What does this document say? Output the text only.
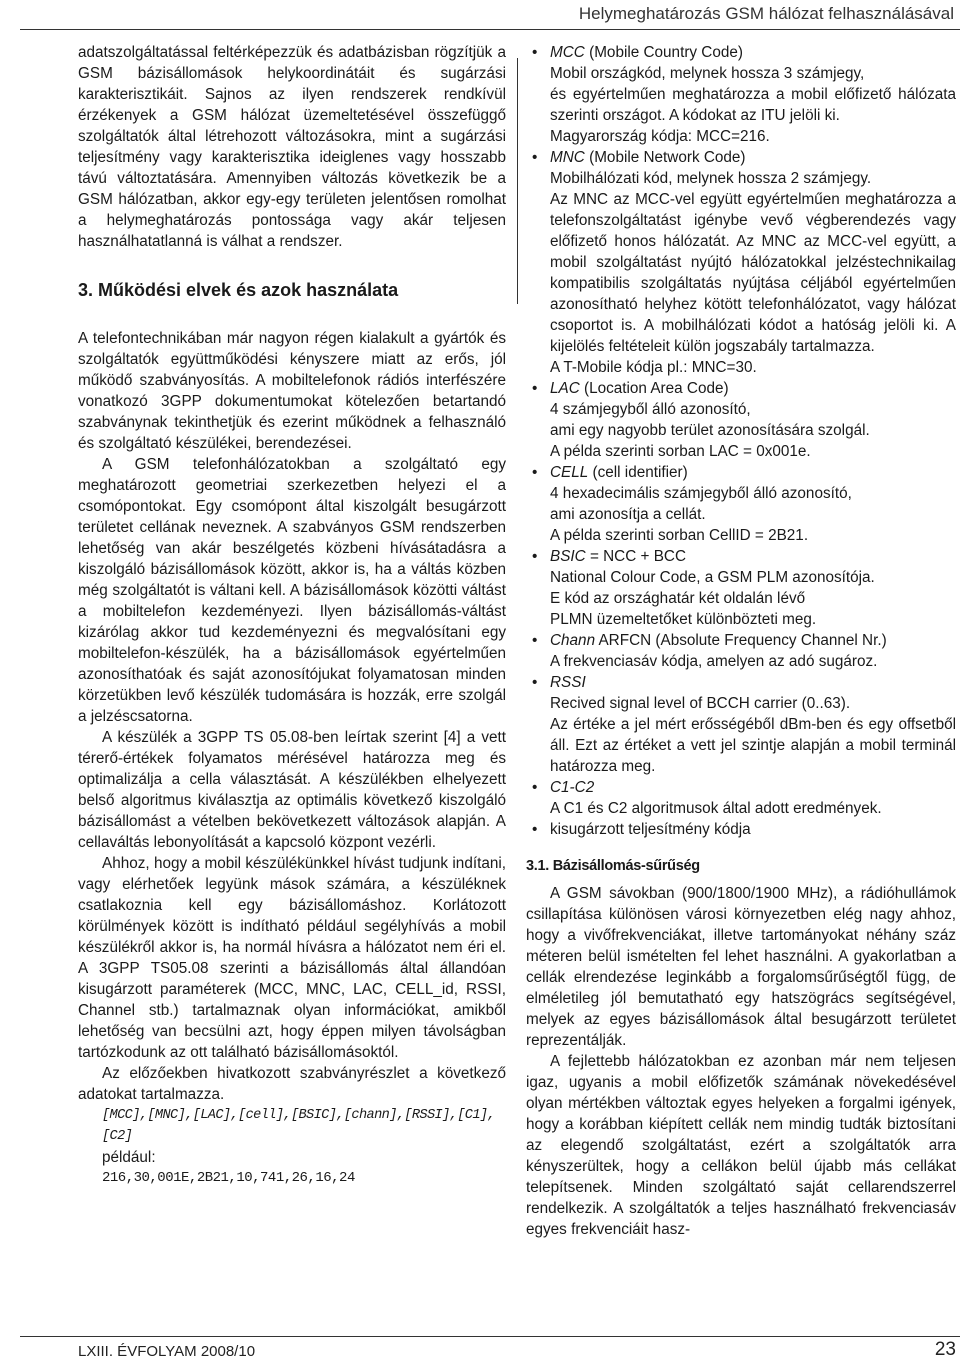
Helymeghatározás GSM hálózat felhasználásával

adatszolgáltatással feltérképezzük és adatbázisban rögzítjük a GSM bázisállomások helykoordinátáit és sugárzási karakterisztikáit. Sajnos az ilyen rendszerek rendkívül érzékenyek a GSM hálózat üzemeltetésével összefüggő szolgáltatók által létrehozott változásokra, mint a sugárzási teljesítmény vagy karakterisztika ideiglenes vagy hosszabb távú változtatására. Amennyiben változás következik be a GSM hálózatban, akkor egy-egy területen jelentősen romolhat a helymeghatározás pontossága vagy akár teljesen használhatatlanná is válhat a rendszer.

3. Működési elvek és azok használata

A telefontechnikában már nagyon régen kialakult a gyártók és szolgáltatók együttműködési kényszere miatt az erős, jól működő szabványosítás. A mobiltelefonok rádiós interfészére vonatkozó 3GPP dokumentumokat kötelezően betartandó szabványnak tekinthetjük és ezerint működnek a felhasználó és szolgáltató készülékei, berendezései.

A GSM telefonhálózatokban a szolgáltató egy meghatározott geometriai szerkezetben helyezi el a csomópontokat. Egy csomópont által kiszolgált besugárzott területet cellának neveznek. A szabványos GSM rendszerben lehetőség van akár beszélgetés közbeni hívásátadásra a kiszolgáló bázisállomások között, akkor is, ha a váltás közben még szolgáltatót is váltani kell. A bázisállomások közötti váltást a mobiltelefon kezdeményezi. Ilyen bázisállomás-váltást kizárólag akkor tud kezdeményezni és megvalósítani egy mobiltelefon-készülék, ha a bázisállomások egyértelműen azonosíthatóak és saját azonosítójukat folyamatosan minden körzetükben levő készülék tudomására is hozzák, erre szolgál a jelzéscsatorna.

A készülék a 3GPP TS 05.08-ben leírtak szerint [4] a vett térerő-értékek folyamatos mérésével határozza meg és optimalizálja a cella választását. A készülékben elhelyezett belső algoritmus kiválasztja az optimális következő kiszolgáló bázisállomást a vételben bekövetkezett változások alapján. A cellaváltás lebonyolítását a kapcsoló központ vezérli.

Ahhoz, hogy a mobil készülékünkkel hívást tudjunk indítani, vagy elérhetőek legyünk mások számára, a készüléknek csatlakoznia kell egy bázisállomáshoz. Korlátozott körülmények között is indítható például segélyhívás a mobil készülékről akkor is, ha normál hívásra a hálózatot nem éri el. A 3GPP TS05.08 szerinti a bázisállomás által állandóan kisugárzott paraméterek (MCC, MNC, LAC, CELL_id, RSSI, Channel stb.) tartalmaznak olyan információkat, amikből lehetőség van becsülni azt, hogy éppen milyen távolságban tartózkodunk az ott található bázisállomásoktól.

Az előzőekben hivatkozott szabványrészlet a következő adatokat tartalmazza.

[MCC],[MNC],[LAC],[cell],[BSIC],[chann],[RSSI],[C1],[C2]
például:
216,30,001E,2B21,10,741,26,16,24
• MCC (Mobile Country Code)
Mobil országkód, melynek hossza 3 számjegy,
és egyértelműen meghatározza a mobil előfizető hálózata szerinti országot. A kódokat az ITU jelöli ki.
Magyarország kódja: MCC=216.
• MNC (Mobile Network Code)
Mobilhálózati kód, melynek hossza 2 számjegy.
Az MNC az MCC-vel együtt egyértelműen meghatározza a telefonszolgáltatást igénybe vevő végberendezés vagy előfizető honos hálózatát. Az MNC az MCC-vel együtt, a mobil szolgáltatást nyújtó hálózatokkal jelzéstechnikailag kompatibilis szolgáltatás nyújtása céljából egyértelműen azonosítható helyhez kötött telefonhálózatot, vagy hálózat csoportot is. A mobilhálózati kódot a hatóság jelöli ki. A kijelölés feltételeit külön jogszabály tartalmazza.
A T-Mobile kódja pl.: MNC=30.
• LAC (Location Area Code)
4 számjegyből álló azonosító,
ami egy nagyobb terület azonosítására szolgál.
A példa szerinti sorban LAC = 0x001e.
• CELL (cell identifier)
4 hexadecimális számjegyből álló azonosító,
ami azonosítja a cellát.
A példa szerinti sorban CellID = 2B21.
• BSIC = NCC + BCC
National Colour Code, a GSM PLM azonosítója.
E kód az országhatár két oldalán lévő
PLMN üzemeltetőket különbözteti meg.
• Chann ARFCN (Absolute Frequency Channel Nr.)
A frekvenciasáv kódja, amelyen az adó sugároz.
• RSSI
Recived signal level of BCCH carrier (0..63).
Az értéke a jel mért erősségéből dBm-ben és egy offsetből áll. Ezt az értéket a vett jel szintje alapján a mobil terminál határozza meg.
• C1-C2
A C1 és C2 algoritmusok által adott eredmények.
• kisugárzott teljesítmény kódja
3.1. Bázisállomás-sűrűség

A GSM sávokban (900/1800/1900 MHz), a rádióhullámok csillapítása különösen városi környezetben elég nagy ahhoz, hogy a vivőfrekvenciákat, illetve tartományokat néhány száz méteren belül ismételten fel lehet használni. A gyakorlatban a cellák elrendezése leginkább a forgalomsűrűségtől függ, de elméletileg jól bemutatható egy hatszögrács segítségével, melyek az egyes bázisállomások által besugárzott területet reprezentálják.

A fejlettebb hálózatokban ez azonban már nem teljesen igaz, ugyanis a mobil előfizetők számának növekedésével olyan mértékben változtak egyes helyeken a forgalmi igények, hogy a korábban kiépített cellák nem mindig tudták biztosítani az elegendő szolgáltatást, ezért a szolgáltatók arra kényszerültek, hogy a cellákon belül újabb más cellákat telepítsenek. Minden szolgáltató saját cellarendszerrel rendelkezik. A szolgáltatók a teljes használható frekvenciasáv egyes frekvenciáit hasz-

LXIII. ÉVFOLYAM 2008/10	23
